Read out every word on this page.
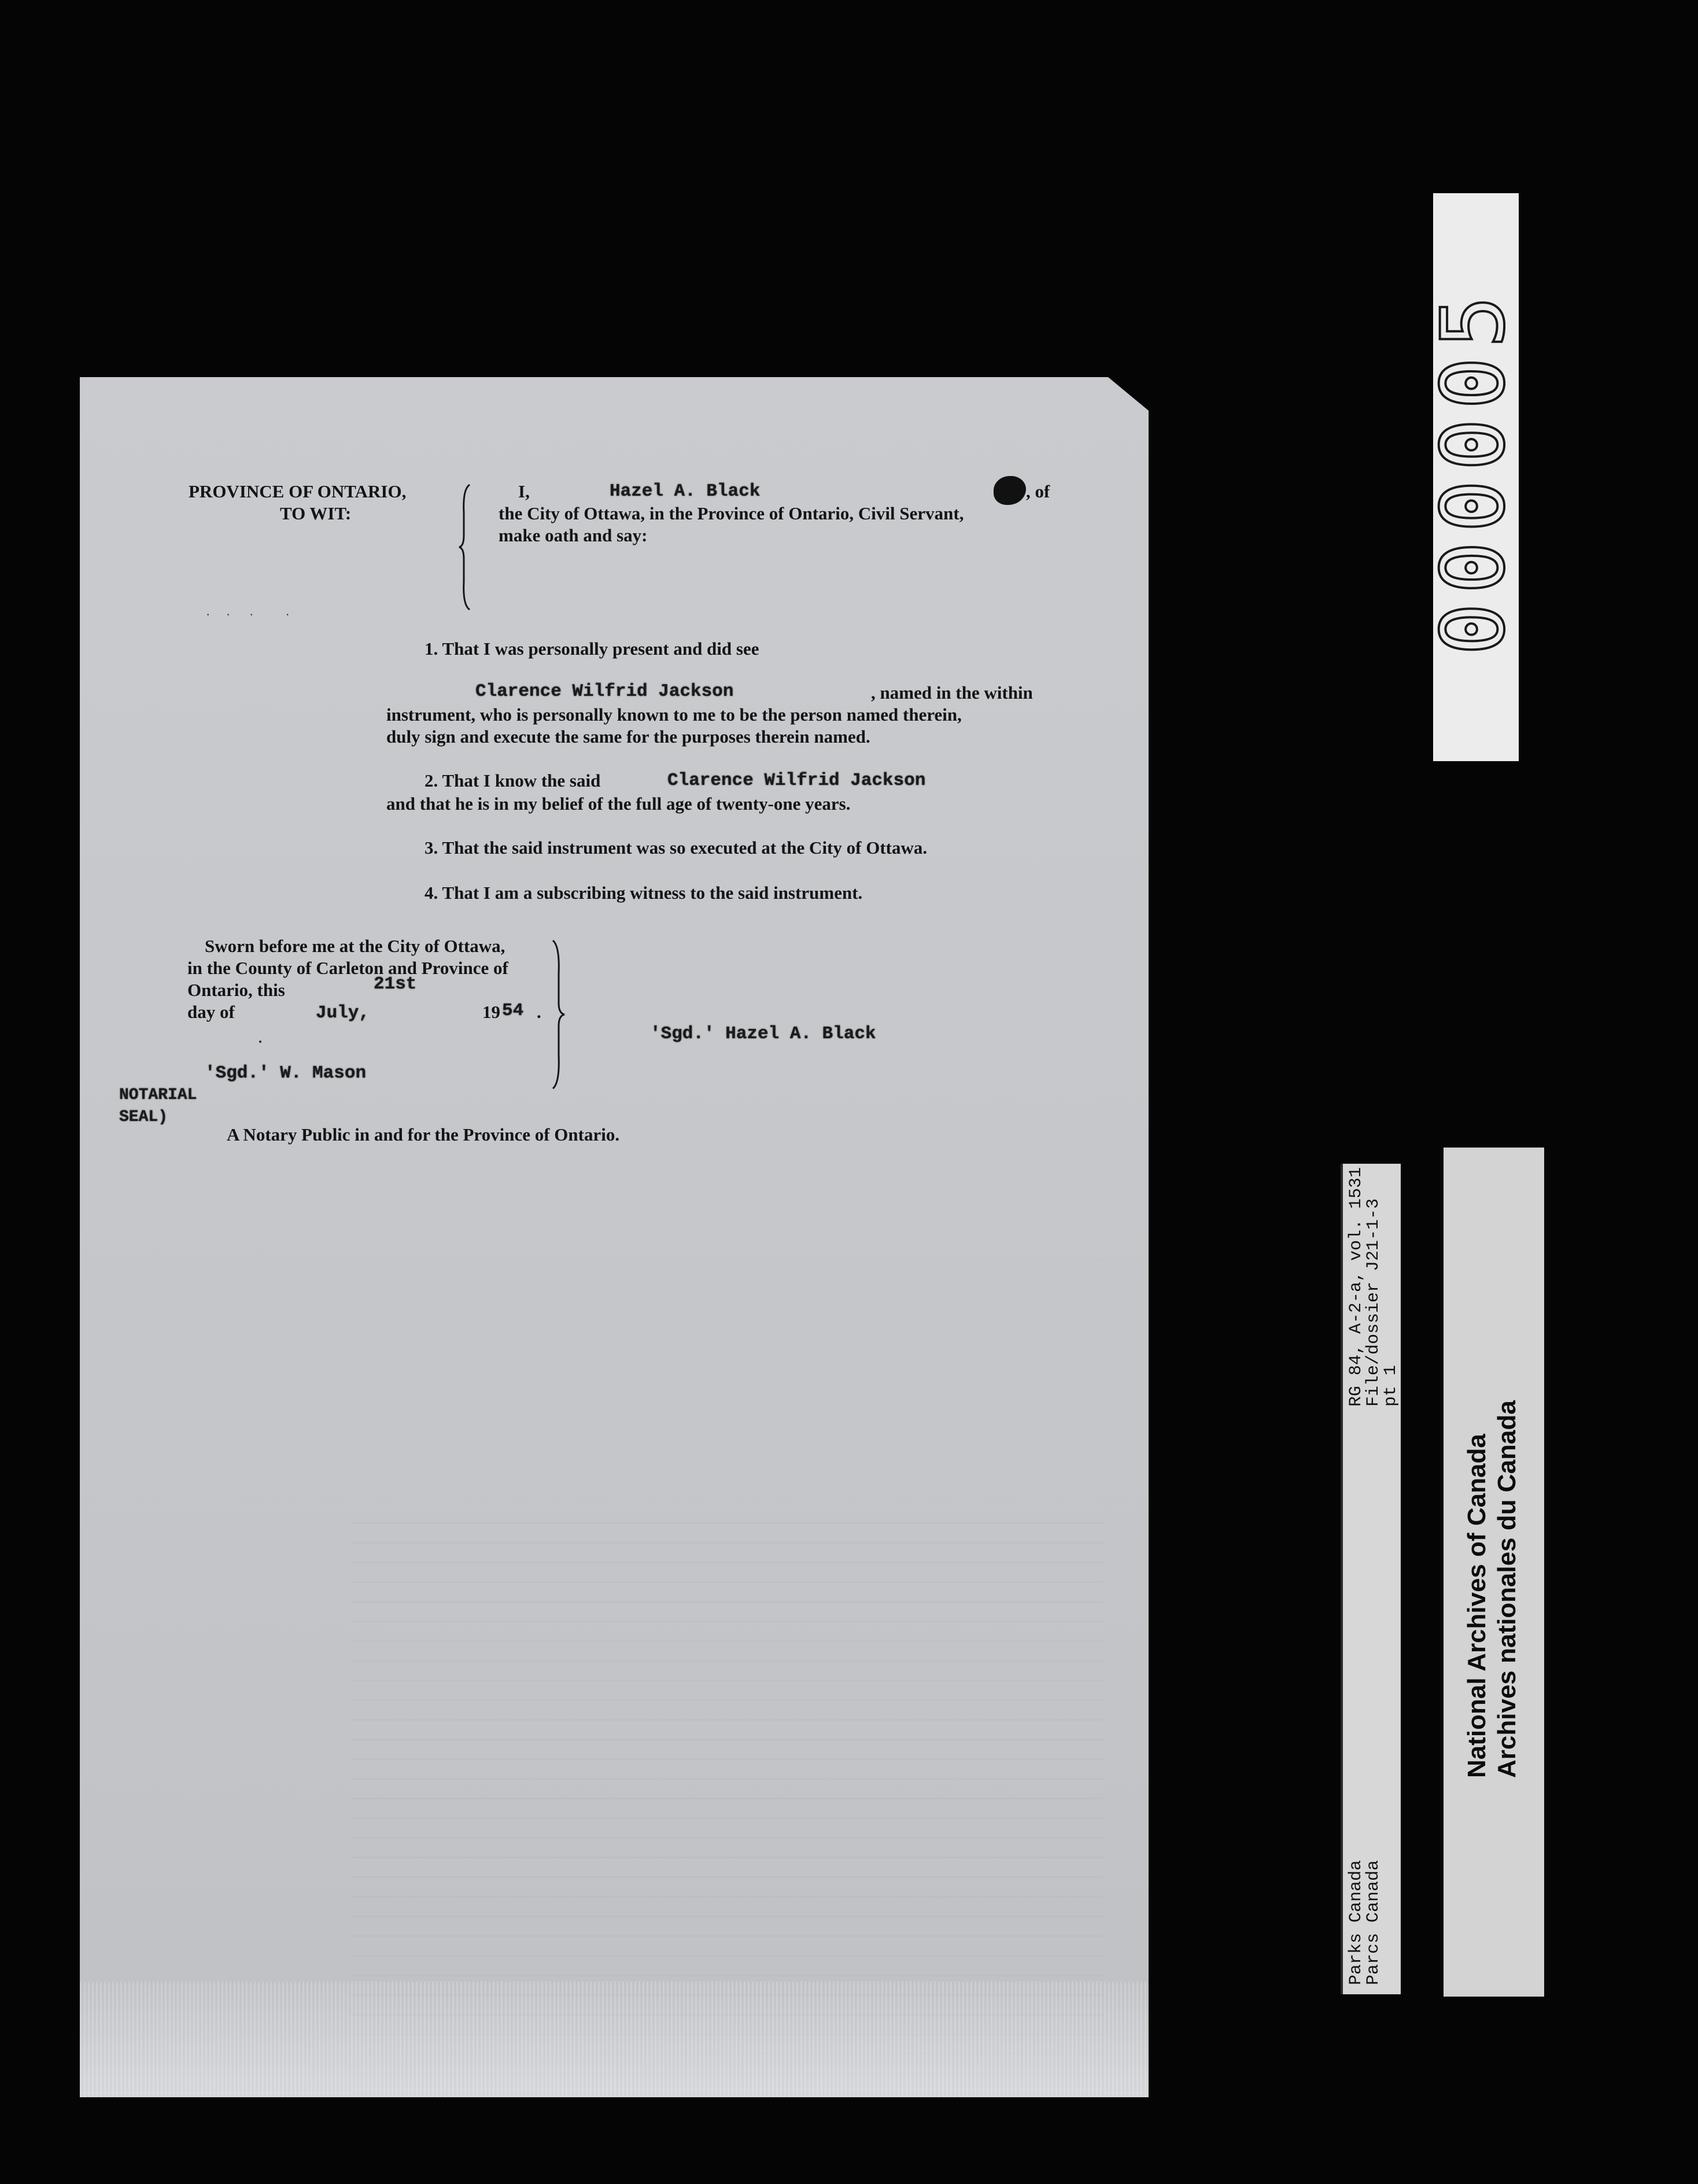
PROVINCE OF ONTARIO,
TO WIT:
I,	Hazel A. Black	, of
the City of Ottawa, in the Province of Ontario, Civil Servant,
make oath and say:
·     ·      ·          ·
1. That I was personally present and did see
Clarence Wilfrid Jackson	, named in the within
instrument, who is personally known to me to be the person named therein,
duly sign and execute the same for the purposes therein named.
2. That I know the said	Clarence Wilfrid Jackson
and that he is in my belief of the full age of twenty-one years.
3. That the said instrument was so executed at the City of Ottawa.
4. That I am a subscribing witness to the said instrument.
Sworn before me at the City of Ottawa,
in the County of Carleton and Province of
Ontario, this	21st
day of	July,	19 54 .
'Sgd.' Hazel A. Black
·
'Sgd.' W. Mason
NOTARIAL
SEAL)
A Notary Public in and for the Province of Ontario.
000005
RG 84, A-2-a, vol. 1531
File/dossier J21-1-3
pt 1
Parks Canada
Parcs Canada
National Archives of Canada Archives nationales du Canada
